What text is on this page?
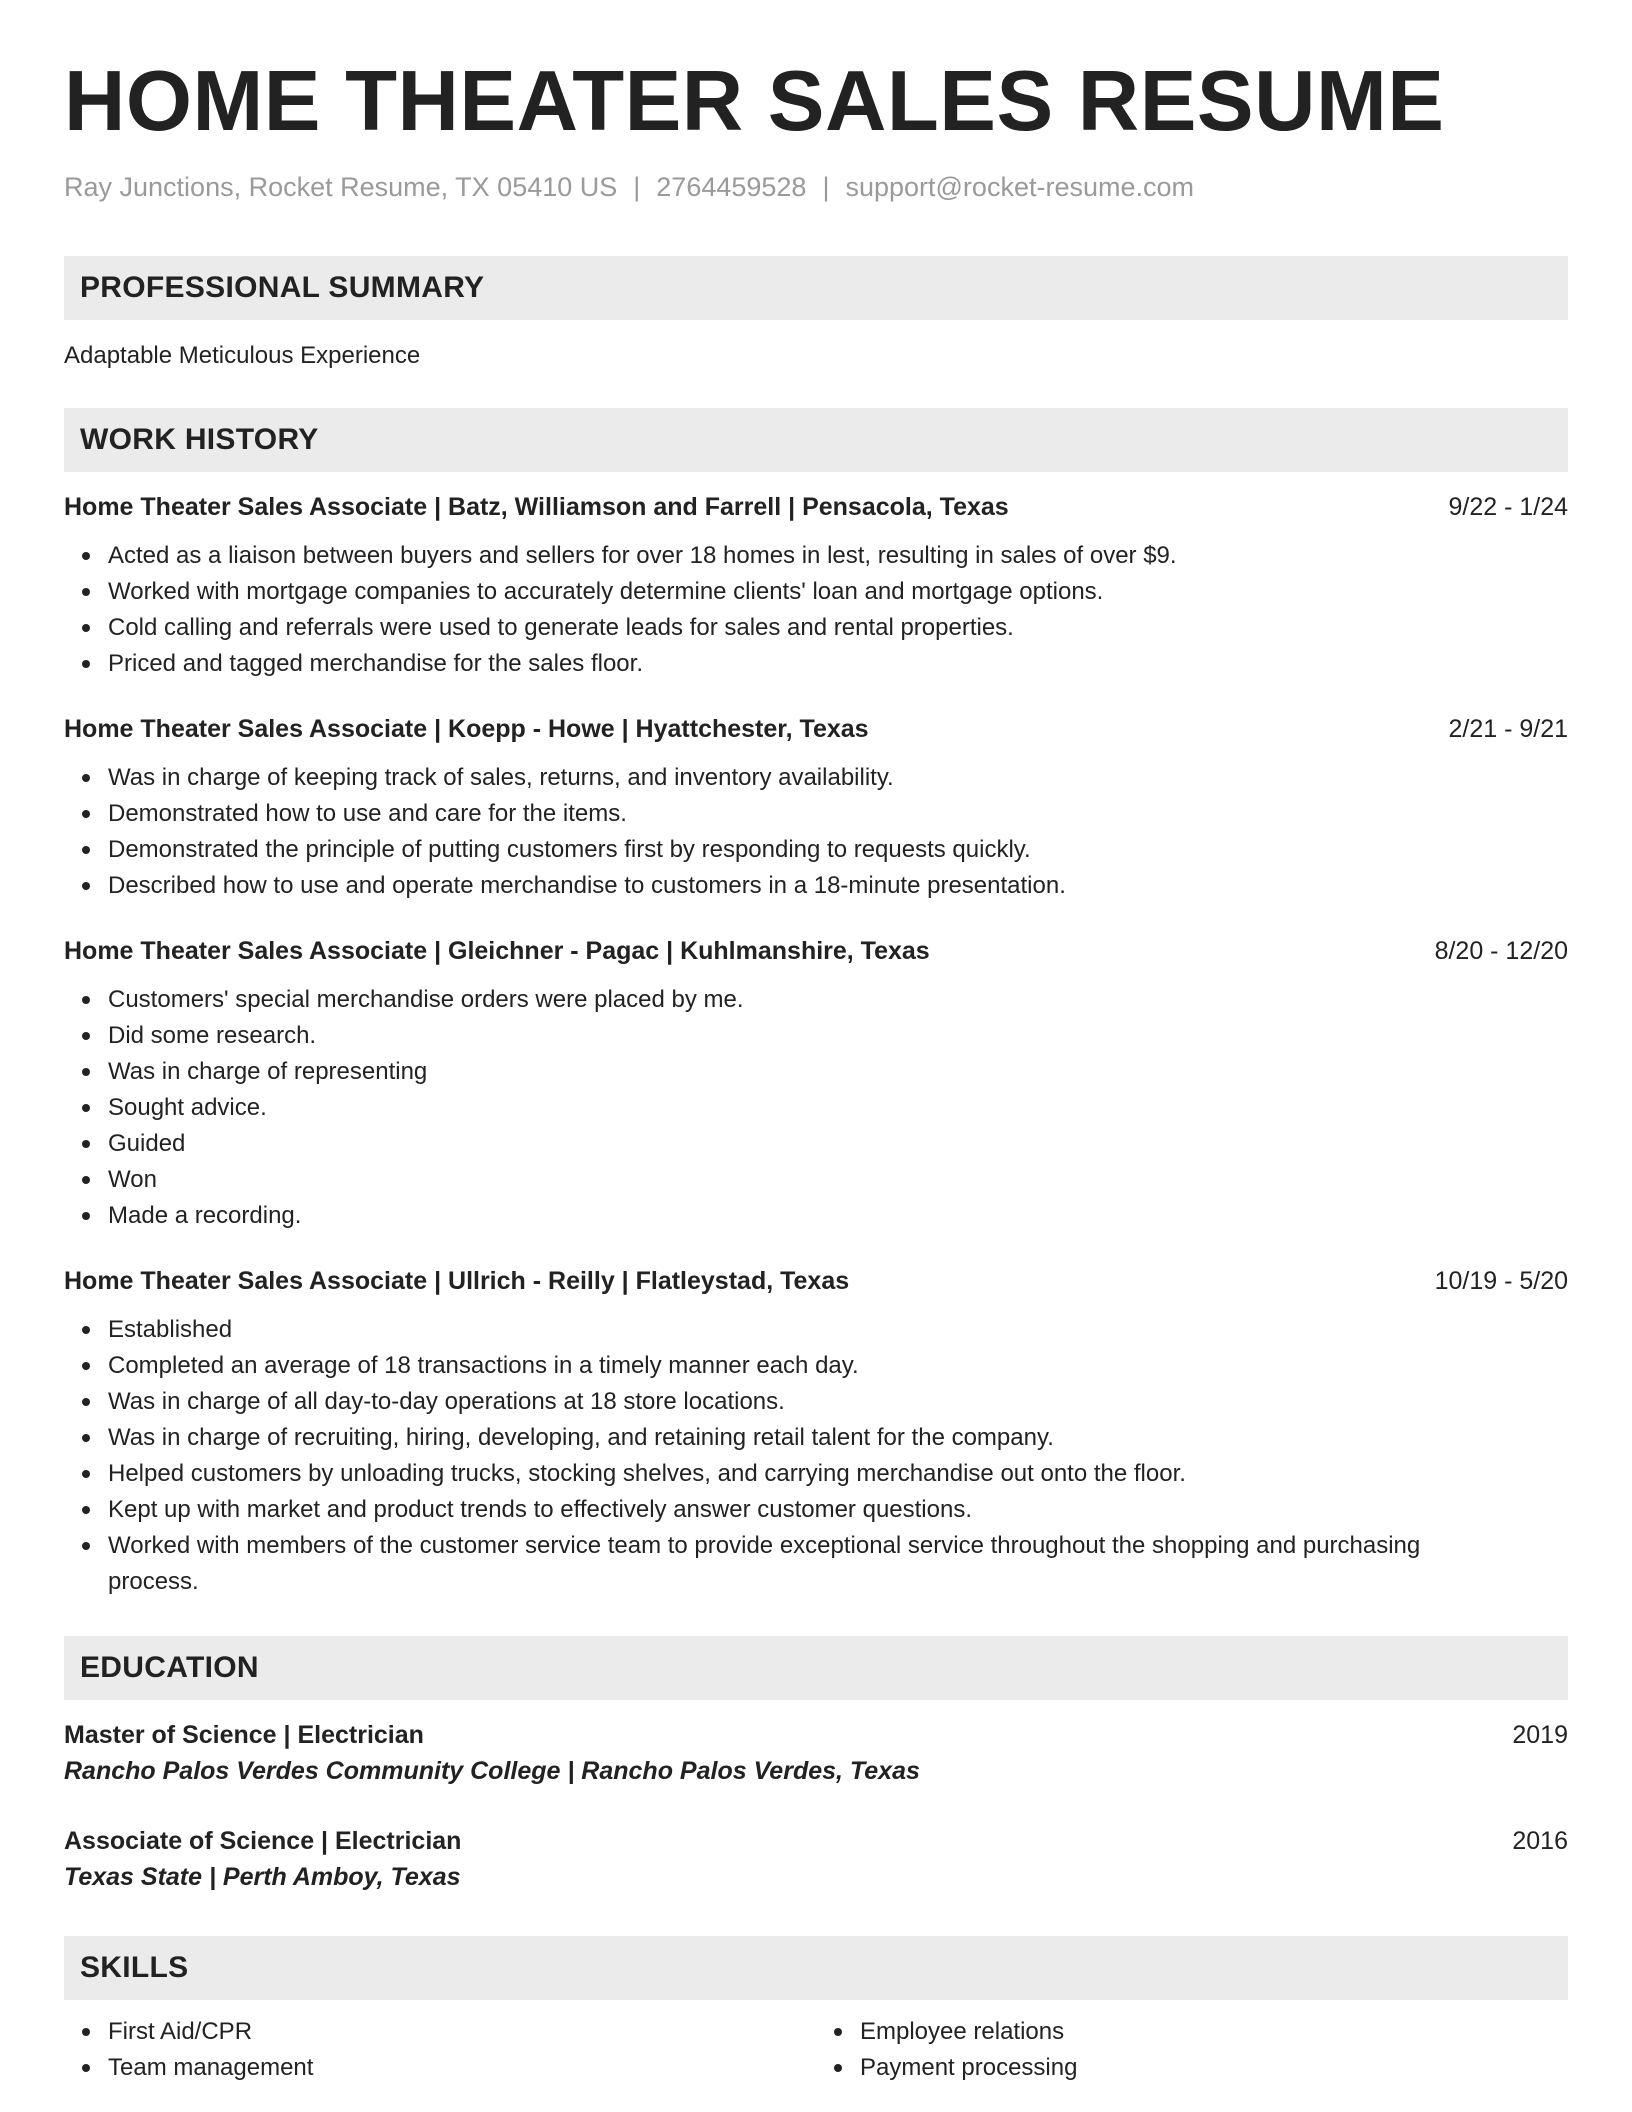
HOME THEATER SALES RESUME
Ray Junctions, Rocket Resume, TX 05410 US | 2764459528 | support@rocket-resume.com
PROFESSIONAL SUMMARY
Adaptable Meticulous Experience
WORK HISTORY
Home Theater Sales Associate | Batz, Williamson and Farrell | Pensacola, Texas	9/22 - 1/24
Acted as a liaison between buyers and sellers for over 18 homes in lest, resulting in sales of over $9.
Worked with mortgage companies to accurately determine clients' loan and mortgage options.
Cold calling and referrals were used to generate leads for sales and rental properties.
Priced and tagged merchandise for the sales floor.
Home Theater Sales Associate | Koepp - Howe | Hyattchester, Texas	2/21 - 9/21
Was in charge of keeping track of sales, returns, and inventory availability.
Demonstrated how to use and care for the items.
Demonstrated the principle of putting customers first by responding to requests quickly.
Described how to use and operate merchandise to customers in a 18-minute presentation.
Home Theater Sales Associate | Gleichner - Pagac | Kuhlmanshire, Texas	8/20 - 12/20
Customers' special merchandise orders were placed by me.
Did some research.
Was in charge of representing
Sought advice.
Guided
Won
Made a recording.
Home Theater Sales Associate | Ullrich - Reilly | Flatleystad, Texas	10/19 - 5/20
Established
Completed an average of 18 transactions in a timely manner each day.
Was in charge of all day-to-day operations at 18 store locations.
Was in charge of recruiting, hiring, developing, and retaining retail talent for the company.
Helped customers by unloading trucks, stocking shelves, and carrying merchandise out onto the floor.
Kept up with market and product trends to effectively answer customer questions.
Worked with members of the customer service team to provide exceptional service throughout the shopping and purchasing process.
EDUCATION
Master of Science | Electrician	2019
Rancho Palos Verdes Community College | Rancho Palos Verdes, Texas
Associate of Science | Electrician	2016
Texas State | Perth Amboy, Texas
SKILLS
First Aid/CPR
Team management
Employee relations
Payment processing
